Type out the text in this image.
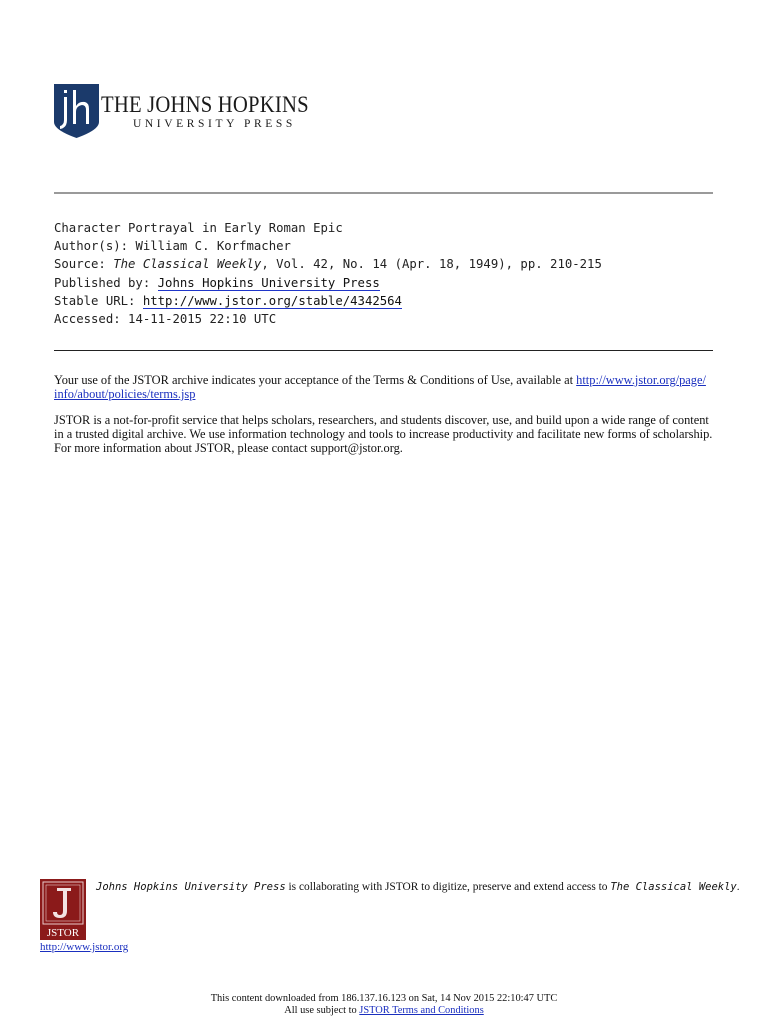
THE JOHNS HOPKINS
UNIVERSITY PRESS
Character Portrayal in Early Roman Epic
Author(s): William C. Korfmacher
Source: The Classical Weekly, Vol. 42, No. 14 (Apr. 18, 1949), pp. 210-215
Published by: Johns Hopkins University Press
Stable URL: http://www.jstor.org/stable/4342564
Accessed: 14-11-2015 22:10 UTC

Your use of the JSTOR archive indicates your acceptance of the Terms & Conditions of Use, available at http://www.jstor.org/page/
info/about/policies/terms.jsp

JSTOR is a not-for-profit service that helps scholars, researchers, and students discover, use, and build upon a wide range of content
in a trusted digital archive. We use information technology and tools to increase productivity and facilitate new forms of scholarship.
For more information about JSTOR, please contact support@jstor.org.

JSTOR
Johns Hopkins University Press is collaborating with JSTOR to digitize, preserve and extend access to The Classical Weekly.
http://www.jstor.org
This content downloaded from 186.137.16.123 on Sat, 14 Nov 2015 22:10:47 UTC
All use subject to JSTOR Terms and Conditions
